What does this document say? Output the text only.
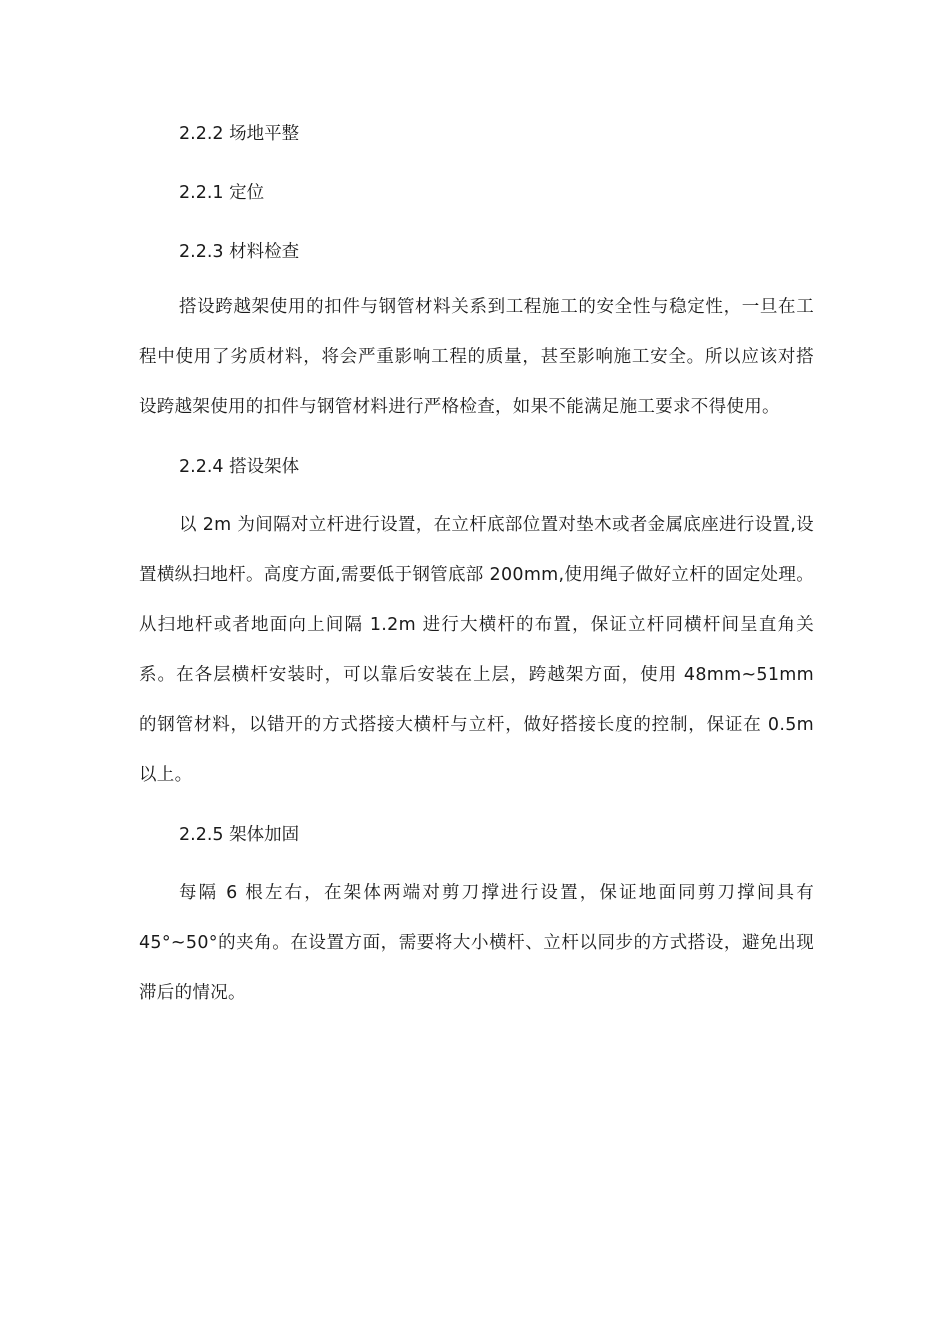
2.2.2 场地平整

2.2.1 定位

2.2.3 材料检查

搭设跨越架使用的扣件与钢管材料关系到工程施工的安全性与稳定性，一旦在工程中使用了劣质材料，将会严重影响工程的质量，甚至影响施工安全。所以应该对搭设跨越架使用的扣件与钢管材料进行严格检查，如果不能满足施工要求不得使用。

2.2.4 搭设架体

以 2m 为间隔对立杆进行设置，在立杆底部位置对垫木或者金属底座进行设置,设置横纵扫地杆。高度方面,需要低于钢管底部 200mm,使用绳子做好立杆的固定处理。从扫地杆或者地面向上间隔 1.2m 进行大横杆的布置，保证立杆同横杆间呈直角关系。在各层横杆安装时，可以靠后安装在上层，跨越架方面，使用 48mm~51mm 的钢管材料，以错开的方式搭接大横杆与立杆，做好搭接长度的控制，保证在 0.5m 以上。

2.2.5 架体加固

每隔 6 根左右，在架体两端对剪刀撑进行设置，保证地面同剪刀撑间具有 45°~50°的夹角。在设置方面，需要将大小横杆、立杆以同步的方式搭设，避免出现滞后的情况。
